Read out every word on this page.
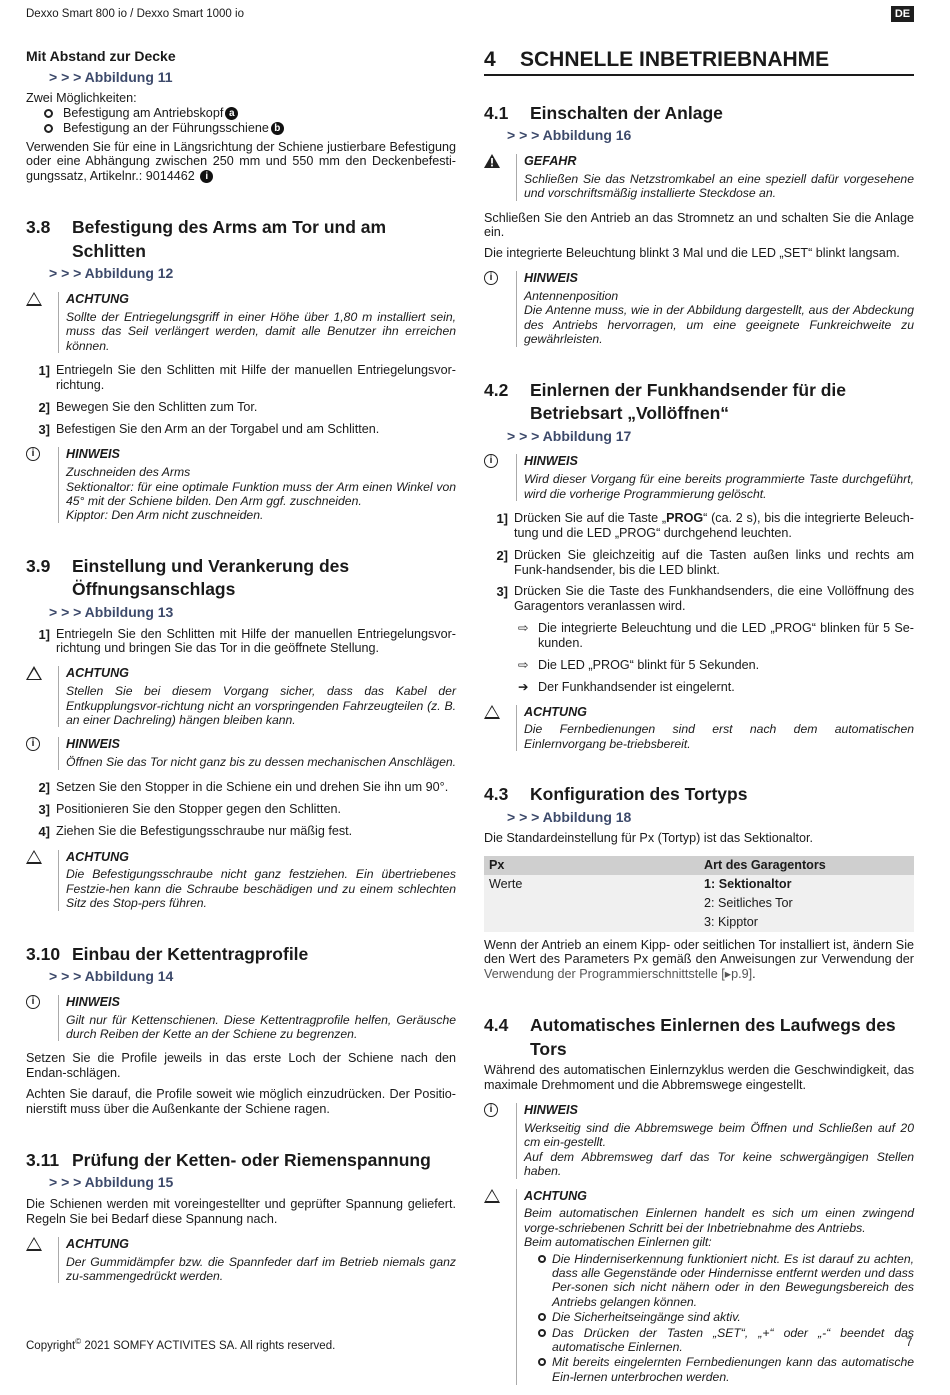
Dexxo Smart 800 io / Dexxo Smart 1000 io	DE
Mit Abstand zur Decke
> > > Abbildung 11
Zwei Möglichkeiten:
Befestigung am Antriebskopf a
Befestigung an der Führungsschiene b

Verwenden Sie für eine in Längsrichtung der Schiene justierbare Befestigung oder eine Abhängung zwischen 250 mm und 550 mm den Deckenbefesti-gungssatz, Artikelnr.: 9014462 i

3.8	Befestigung des Arms am Tor und am Schlitten
> > > Abbildung 12
ACHTUNG
Sollte der Entriegelungsgriff in einer Höhe über 1,80 m installiert sein, muss das Seil verlängert werden, damit alle Benutzer ihn erreichen können.
1] Entriegeln Sie den Schlitten mit Hilfe der manuellen Entriegelungsvor-richtung.
2] Bewegen Sie den Schlitten zum Tor.
3] Befestigen Sie den Arm an der Torgabel und am Schlitten.
i	HINWEIS
Zuschneiden des Arms
Sektionaltor: für eine optimale Funktion muss der Arm einen Winkel von 45° mit der Schiene bilden. Den Arm ggf. zuschneiden.
Kipptor: Den Arm nicht zuschneiden.
3.9	Einstellung und Verankerung des Öffnungsanschlags
> > > Abbildung 13
1] Entriegeln Sie den Schlitten mit Hilfe der manuellen Entriegelungsvor-richtung und bringen Sie das Tor in die geöffnete Stellung.
ACHTUNG
Stellen Sie bei diesem Vorgang sicher, dass das Kabel der Entkupplungsvor-richtung nicht an vorspringenden Fahrzeugteilen (z. B. an einer Dachreling) hängen bleiben kann.
i	HINWEIS
Öffnen Sie das Tor nicht ganz bis zu dessen mechanischen Anschlägen.
2] Setzen Sie den Stopper in die Schiene ein und drehen Sie ihn um 90°.
3] Positionieren Sie den Stopper gegen den Schlitten.
4] Ziehen Sie die Befestigungsschraube nur mäßig fest.
ACHTUNG
Die Befestigungsschraube nicht ganz festziehen. Ein übertriebenes Festzie-hen kann die Schraube beschädigen und zu einem schlechten Sitz des Stop-pers führen.
3.10 Einbau der Kettentragprofile
> > > Abbildung 14
i	HINWEIS
Gilt nur für Kettenschienen. Diese Kettentragprofile helfen, Geräusche durch Reiben der Kette an der Schiene zu begrenzen.

Setzen Sie die Profile jeweils in das erste Loch der Schiene nach den Endan-schlägen.

Achten Sie darauf, die Profile soweit wie möglich einzudrücken. Der Positio-nierstift muss über die Außenkante der Schiene ragen.

3.11 Prüfung der Ketten- oder Riemenspannung
> > > Abbildung 15

Die Schienen werden mit voreingestellter und geprüfter Spannung geliefert. Regeln Sie bei Bedarf diese Spannung nach.

ACHTUNG
Der Gummidämpfer bzw. die Spannfeder darf im Betrieb niemals ganz zu-sammengedrückt werden.
4	SCHNELLE INBETRIEBNAHME
4.1	Einschalten der Anlage
> > > Abbildung 16
GEFAHR
Schließen Sie das Netzstromkabel an eine speziell dafür vorgesehene und vorschriftsmäßig installierte Steckdose an.

Schließen Sie den Antrieb an das Stromnetz an und schalten Sie die Anlage ein.

Die integrierte Beleuchtung blinkt 3 Mal und die LED „SET“ blinkt langsam.

i	HINWEIS
Antennenposition
Die Antenne muss, wie in der Abbildung dargestellt, aus der Abdeckung des Antriebs hervorragen, um eine geeignete Funkreichweite zu gewährleisten.
4.2	Einlernen der Funkhandsender für die Betriebsart „Vollöffnen“
> > > Abbildung 17
i	HINWEIS
Wird dieser Vorgang für eine bereits programmierte Taste durchgeführt, wird die vorherige Programmierung gelöscht.
1] Drücken Sie auf die Taste „PROG“ (ca. 2 s), bis die integrierte Beleuch-tung und die LED „PROG“ durchgehend leuchten.
2] Drücken Sie gleichzeitig auf die Tasten außen links und rechts am Funk-handsender, bis die LED blinkt.
3] Drücken Sie die Taste des Funkhandsenders, die eine Vollöffnung des Garagentors veranlassen wird.
⇨ Die integrierte Beleuchtung und die LED „PROG“ blinken für 5 Se-kunden.
⇨ Die LED „PROG“ blinkt für 5 Sekunden.
➔ Der Funkhandsender ist eingelernt.
ACHTUNG
Die Fernbedienungen sind erst nach dem automatischen Einlernvorgang be-triebsbereit.
4.3	Konfiguration des Tortyps
> > > Abbildung 18

Die Standardeinstellung für Px (Tortyp) ist das Sektionaltor.

Px	Art des Garagentors
Werte	1: Sektionaltor
2: Seitliches Tor
3: Kipptor

Wenn der Antrieb an einem Kipp- oder seitlichen Tor installiert ist, ändern Sie den Wert des Parameters Px gemäß den Anweisungen zur Verwendung der Verwendung der Programmierschnittstelle [▸p.9].

4.4	Automatisches Einlernen des Laufwegs des Tors

Während des automatischen Einlernzyklus werden die Geschwindigkeit, das maximale Drehmoment und die Abbremswege eingestellt.

i	HINWEIS
Werkseitig sind die Abbremswege beim Öffnen und Schließen auf 20 cm ein-gestellt.
Auf dem Abbremsweg darf das Tor keine schwergängigen Stellen haben.
ACHTUNG
Beim automatischen Einlernen handelt es sich um einen zwingend vorge-schriebenen Schritt bei der Inbetriebnahme des Antriebs.
Beim automatischen Einlernen gilt:
Die Hinderniserkennung funktioniert nicht. Es ist darauf zu achten, dass alle Gegenstände oder Hindernisse entfernt werden und dass Per-sonen sich nicht nähern oder in den Bewegungsbereich des Antriebs gelangen können.
Die Sicherheitseingänge sind aktiv.
Das Drücken der Tasten „SET“, „+“ oder „-“ beendet das automatische Einlernen.
Mit bereits eingelernten Fernbedienungen kann das automatische Ein-lernen unterbrochen werden.
Copyright© 2021 SOMFY ACTIVITES SA. All rights reserved.	7
